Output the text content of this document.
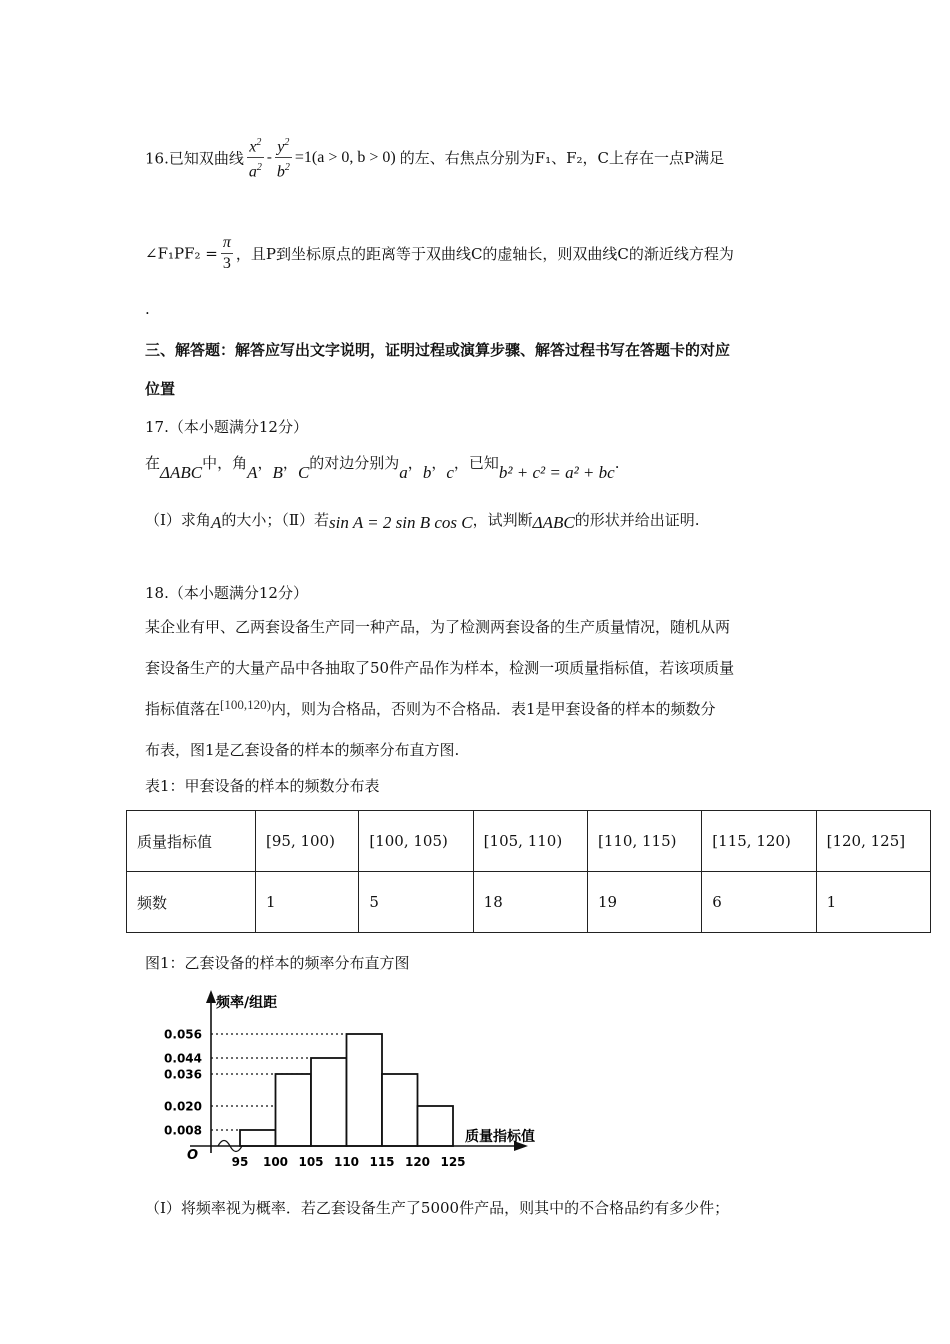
16.已知双曲线 $\frac{x^2}{a^2} - \frac{y^2}{b^2} =1(a > 0$, b > 0) 的左、右焦点分别为F₁、F₂，C上存在一点P满足
∠F₁PF₂ = $\frac{\pi}{3}$ ，且P到坐标原点的距离等于双曲线C的虚轴长，则双曲线C的渐近线方程为
.
三、解答题：解答应写出文字说明，证明过程或演算步骤、解答过程书写在答题卡的对应
位置
17.（本小题满分12分）
在ΔABC中，角A，B，C的对边分别为a，b，c，已知b² + c² = a² + bc.
（Ⅰ）求角A的大小；（Ⅱ）若sin A = 2 sin B cos C，试判断ΔABC的形状并给出证明.
18.（本小题满分12分）
某企业有甲、乙两套设备生产同一种产品，为了检测两套设备的生产质量情况，随机从两
套设备生产的大量产品中各抽取了50件产品作为样本，检测一项质量指标值，若该项质量
指标值落在[100,120)内，则为合格品，否则为不合格品．表1是甲套设备的样本的频数分
布表，图1是乙套设备的样本的频率分布直方图.
表1：甲套设备的样本的频数分布表
质量指标值	[95, 100)	[100, 105)	[105, 110)	[110, 115)	[115, 120)	[120, 125]
频数	1	5	18	19	6	1
图1：乙套设备的样本的频率分布直方图
频率/组距
质量指标值
O
0.056
0.044
0.036
0.020
0.008
95 100 105 110 115 120 125
（Ⅰ）将频率视为概率．若乙套设备生产了5000件产品，则其中的不合格品约有多少件；
